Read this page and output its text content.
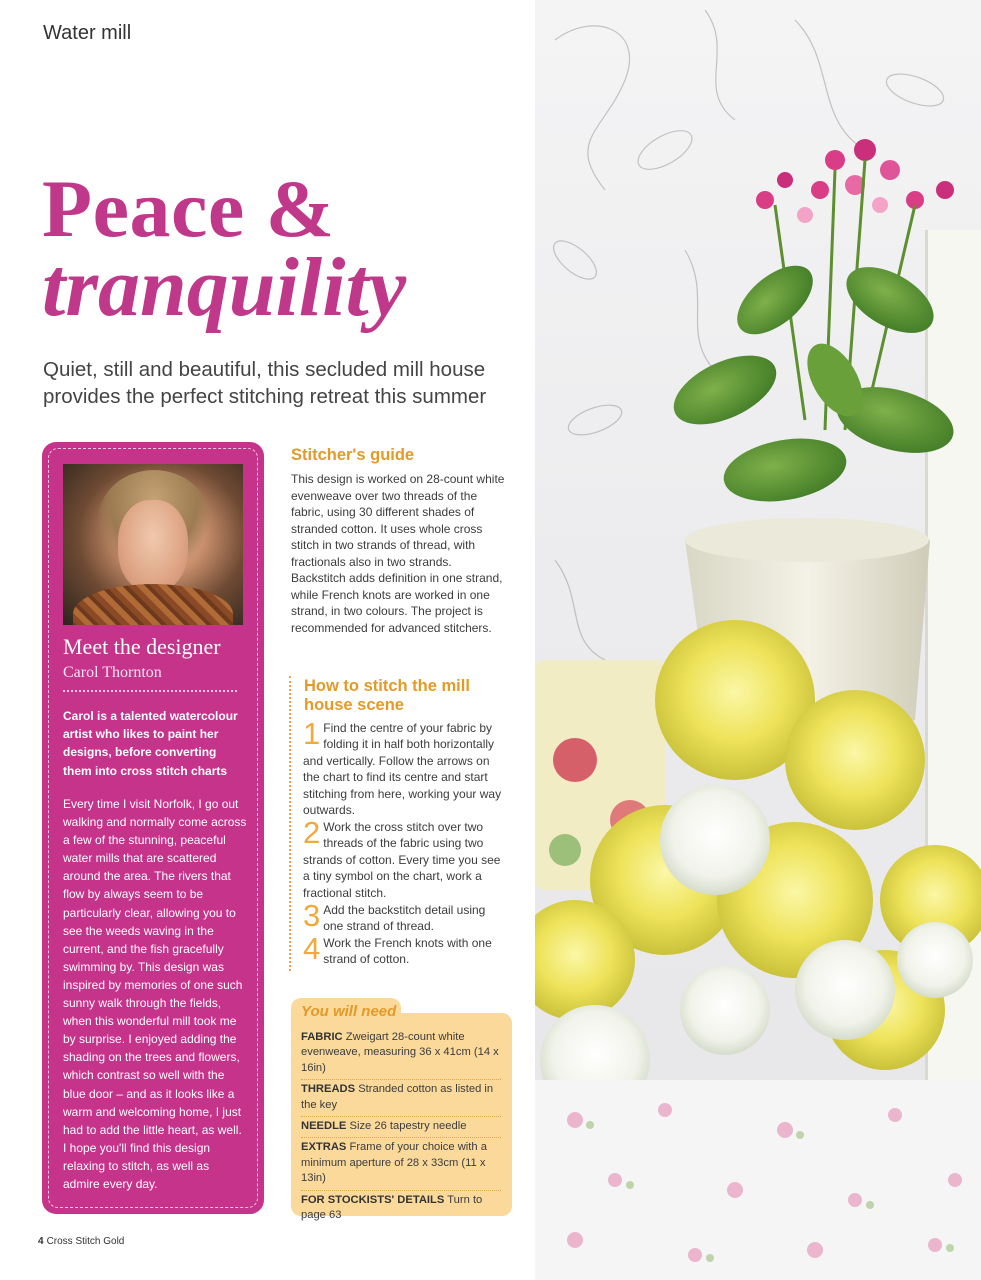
Water mill
Peace &
tranquility

Quiet, still and beautiful, this secluded mill house provides the perfect stitching retreat this summer

Meet the designer
Carol Thornton

Carol is a talented watercolour artist who likes to paint her designs, before converting them into cross stitch charts

Every time I visit Norfolk, I go out walking and normally come across a few of the stunning, peaceful water mills that are scattered around the area. The rivers that flow by always seem to be particularly clear, allowing you to see the weeds waving in the current, and the fish gracefully swimming by. This design was inspired by memories of one such sunny walk through the fields, when this wonderful mill took me by surprise. I enjoyed adding the shading on the trees and flowers, which contrast so well with the blue door – and as it looks like a warm and welcoming home, I just had to add the little heart, as well. I hope you'll find this design relaxing to stitch, as well as admire every day.

Stitcher's guide

This design is worked on 28-count white evenweave over two threads of the fabric, using 30 different shades of stranded cotton. It uses whole cross stitch in two strands of thread, with fractionals also in two strands. Backstitch adds definition in one strand, while French knots are worked in one strand, in two colours. The project is recommended for advanced stitchers.

How to stitch the mill house scene

1 Find the centre of your fabric by folding it in half both horizontally and vertically. Follow the arrows on the chart to find its centre and start stitching from here, working your way outwards.

2 Work the cross stitch over two threads of the fabric using two strands of cotton. Every time you see a tiny symbol on the chart, work a fractional stitch.

3 Add the backstitch detail using one strand of thread.

4 Work the French knots with one strand of cotton.

You will need
FABRIC Zweigart 28-count white evenweave, measuring 36 x 41cm (14 x 16in)
THREADS Stranded cotton as listed in the key
NEEDLE Size 26 tapestry needle
EXTRAS Frame of your choice with a minimum aperture of 28 x 33cm (11 x 13in)
FOR STOCKISTS' DETAILS Turn to page 63
4 Cross Stitch Gold
